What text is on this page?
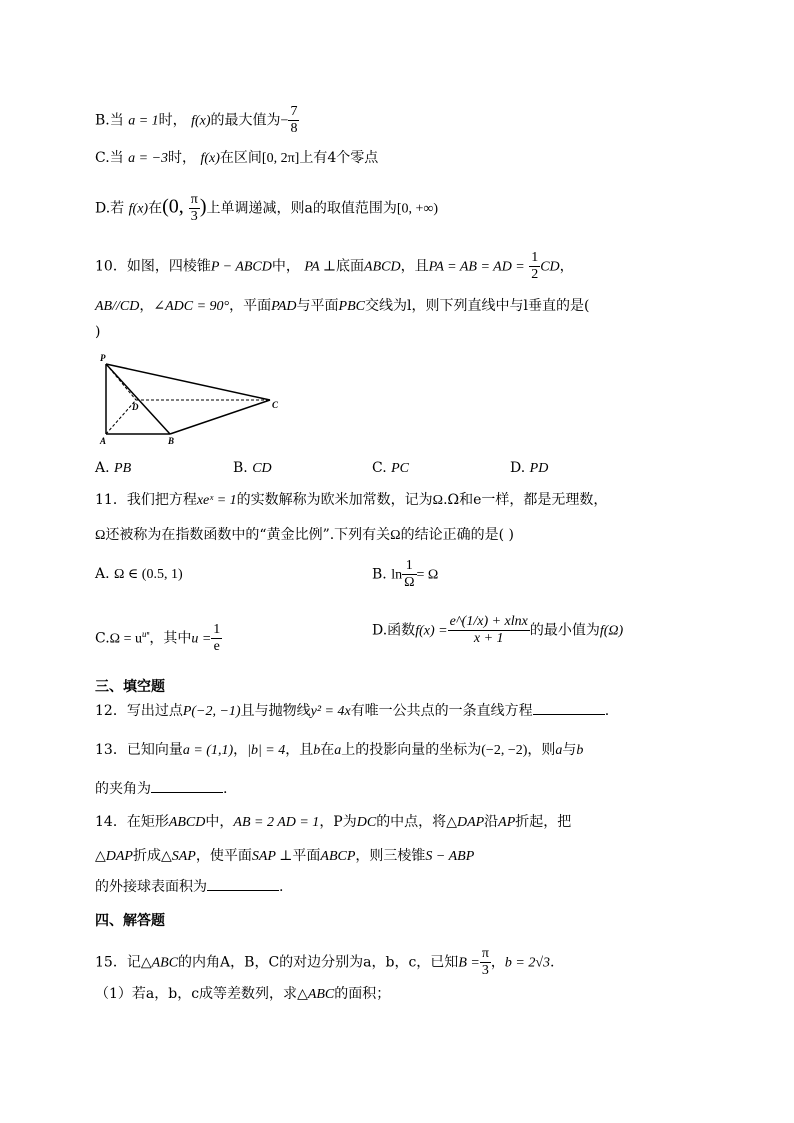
B.当 a = 1时， f(x)的最大值为− $\frac{7}{8}$
C.当 a = −3时， f(x)在区间[0, 2π]上有4个零点
D.若 f(x)在(0, $\frac{\pi}{3}$ )上单调递减，则a的取值范围为[0, +∞)
10．如图，四棱锥P − ABCD中， PA ⊥底面ABCD，且PA = AB = AD = $\frac{1}{2}$ CD，
AB//CD，∠ADC = 90°，平面PAD与平面PBC交线为l，则下列直线中与l垂直的是(
)
P
D	C
A	B
A. PB	B. CD	C. PC	D. PD
11．我们把方程xeˣ = 1的实数解称为欧米加常数，记为Ω.Ω和e一样，都是无理数，
Ω还被称为在指数函数中的“黄金比例”.下列有关Ω的结论正确的是( )
A. Ω ∈ (0.5, 1)	B. $\ln \frac{1}{\Omega} = \Omega$
$C.\Omega = u^{u^n}$，其中$u = \frac{1}{e}$	D.函数$f(x) = \frac{e\^{}(1/x) + xlnx}{x + 1}$ 的最小值为f(Ω)
三、填空题
12．写出过点P(−2, −1)且与抛物线y² = 4x有唯一公共点的一条直线方程	.
13．已知向量a = (1,1)，|b| = 4，且b在a上的投影向量的坐标为(−2, −2)，则a与b
的夹角为	.
14．在矩形ABCD中，AB = 2 AD = 1，P为DC的中点，将△DAP沿AP折起，把
△DAP折成△SAP，使平面SAP ⊥平面ABCP，则三棱锥S − ABP
的外接球表面积为	.
四、解答题
15．记△ABC的内角A，B，C的对边分别为a，b，c，已知$B = \frac{\pi}{3}$ ，b = 2√3.
（1）若a，b，c成等差数列，求△ABC的面积；
